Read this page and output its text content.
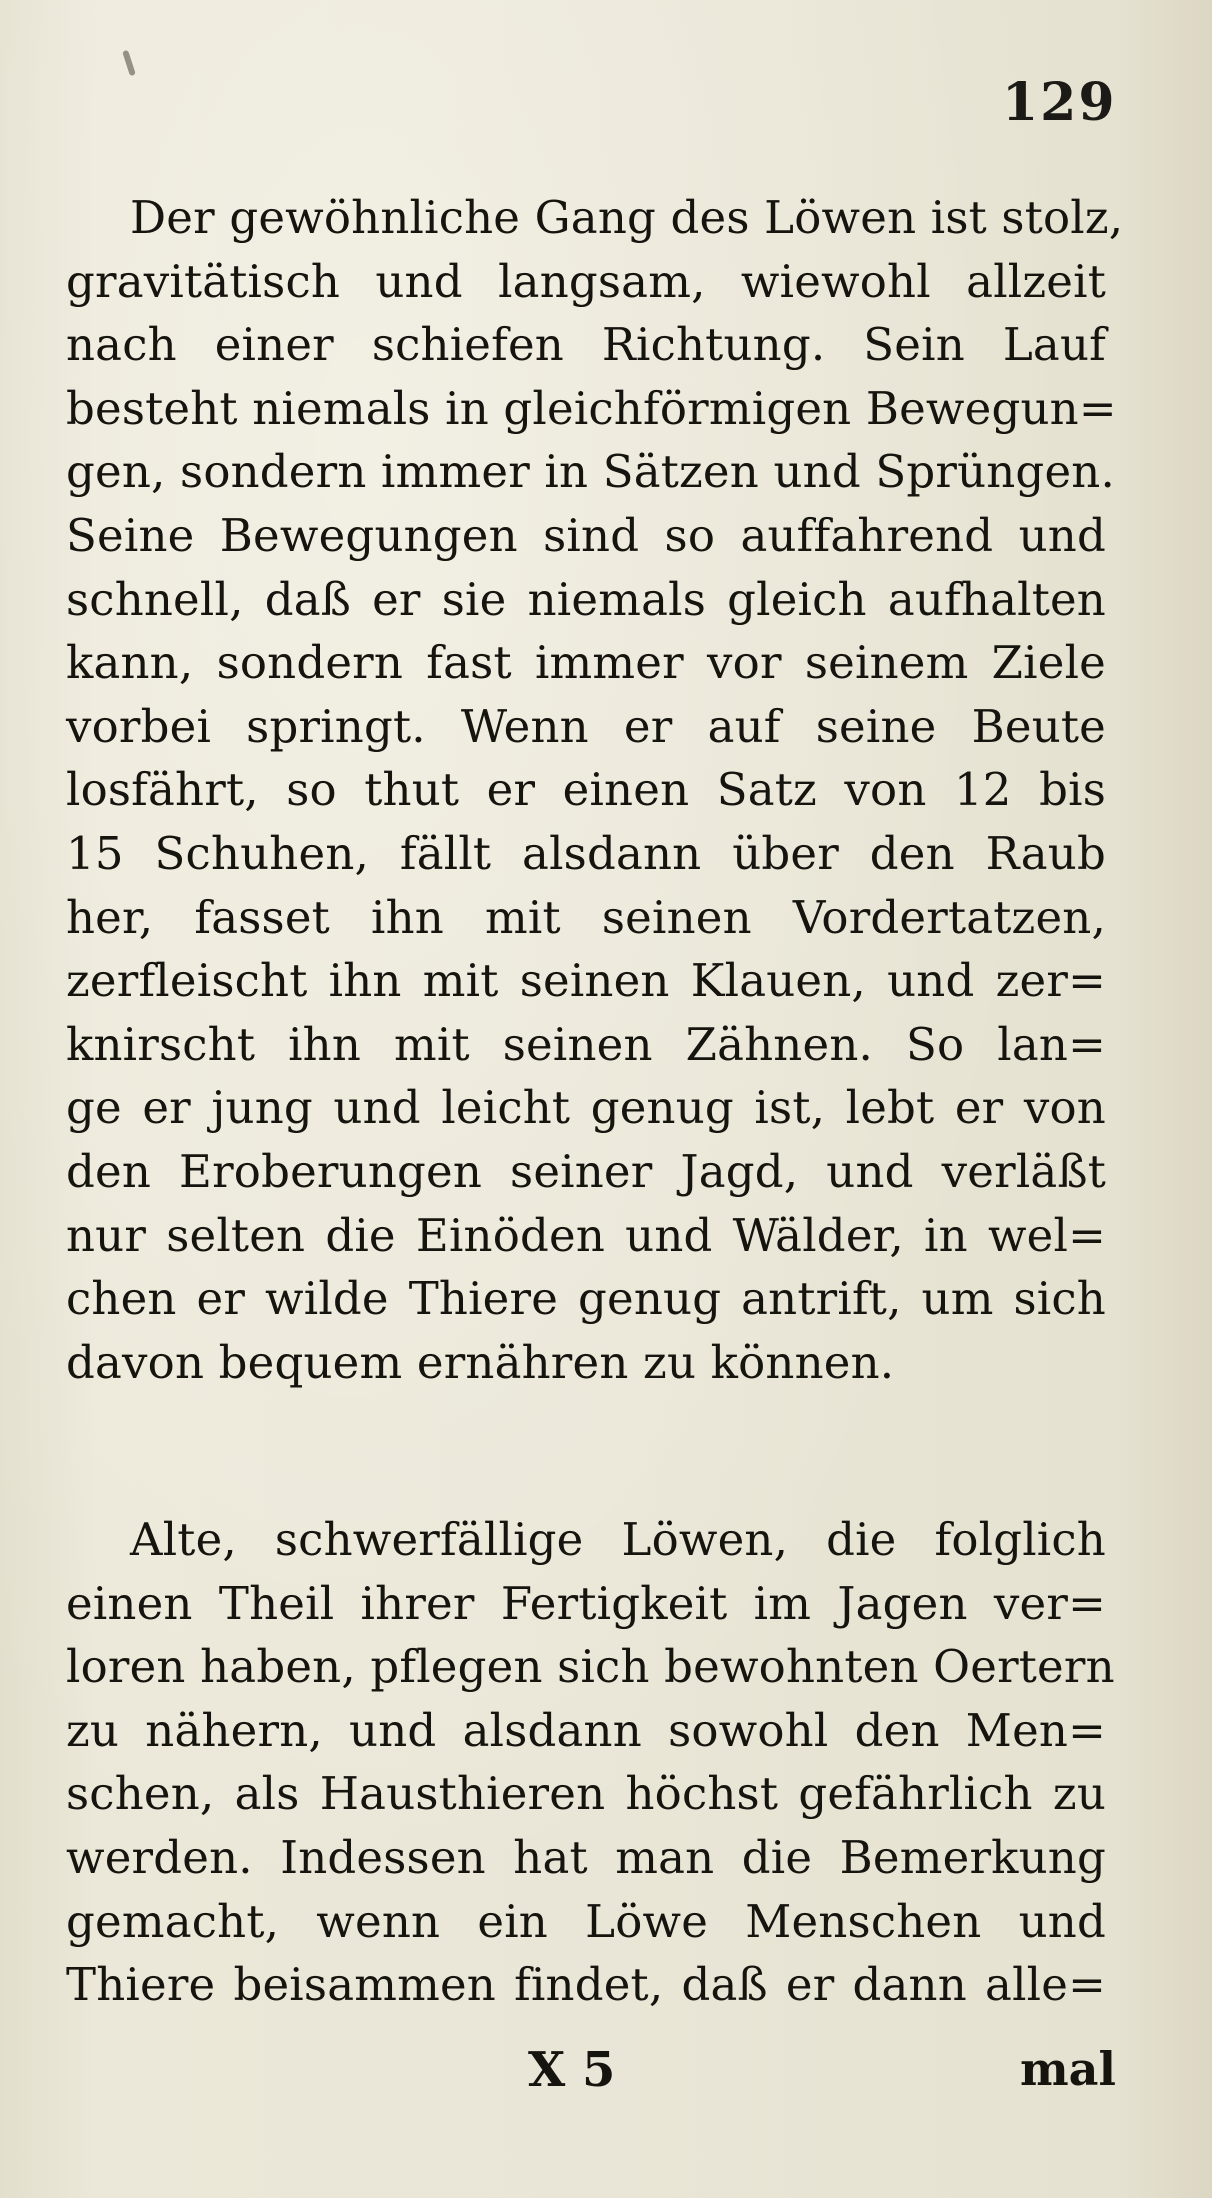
129
Der gewöhnliche Gang des Löwen ist stolz,
gravitätisch und langsam, wiewohl allzeit
nach einer schiefen Richtung. Sein Lauf
besteht niemals in gleichförmigen Bewegun=
gen, sondern immer in Sätzen und Sprüngen.
Seine Bewegungen sind so auffahrend und
schnell, daß er sie niemals gleich aufhalten
kann, sondern fast immer vor seinem Ziele
vorbei springt. Wenn er auf seine Beute
losfährt, so thut er einen Satz von 12 bis
15 Schuhen, fällt alsdann über den Raub
her, fasset ihn mit seinen Vordertatzen,
zerfleischt ihn mit seinen Klauen, und zer=
knirscht ihn mit seinen Zähnen. So lan=
ge er jung und leicht genug ist, lebt er von
den Eroberungen seiner Jagd, und verläßt
nur selten die Einöden und Wälder, in wel=
chen er wilde Thiere genug antrift, um sich
davon bequem ernähren zu können.
Alte, schwerfällige Löwen, die folglich
einen Theil ihrer Fertigkeit im Jagen ver=
loren haben, pflegen sich bewohnten Oertern
zu nähern, und alsdann sowohl den Men=
schen, als Hausthieren höchst gefährlich zu
werden. Indessen hat man die Bemerkung
gemacht, wenn ein Löwe Menschen und
Thiere beisammen findet, daß er dann alle=
X 5	mal
